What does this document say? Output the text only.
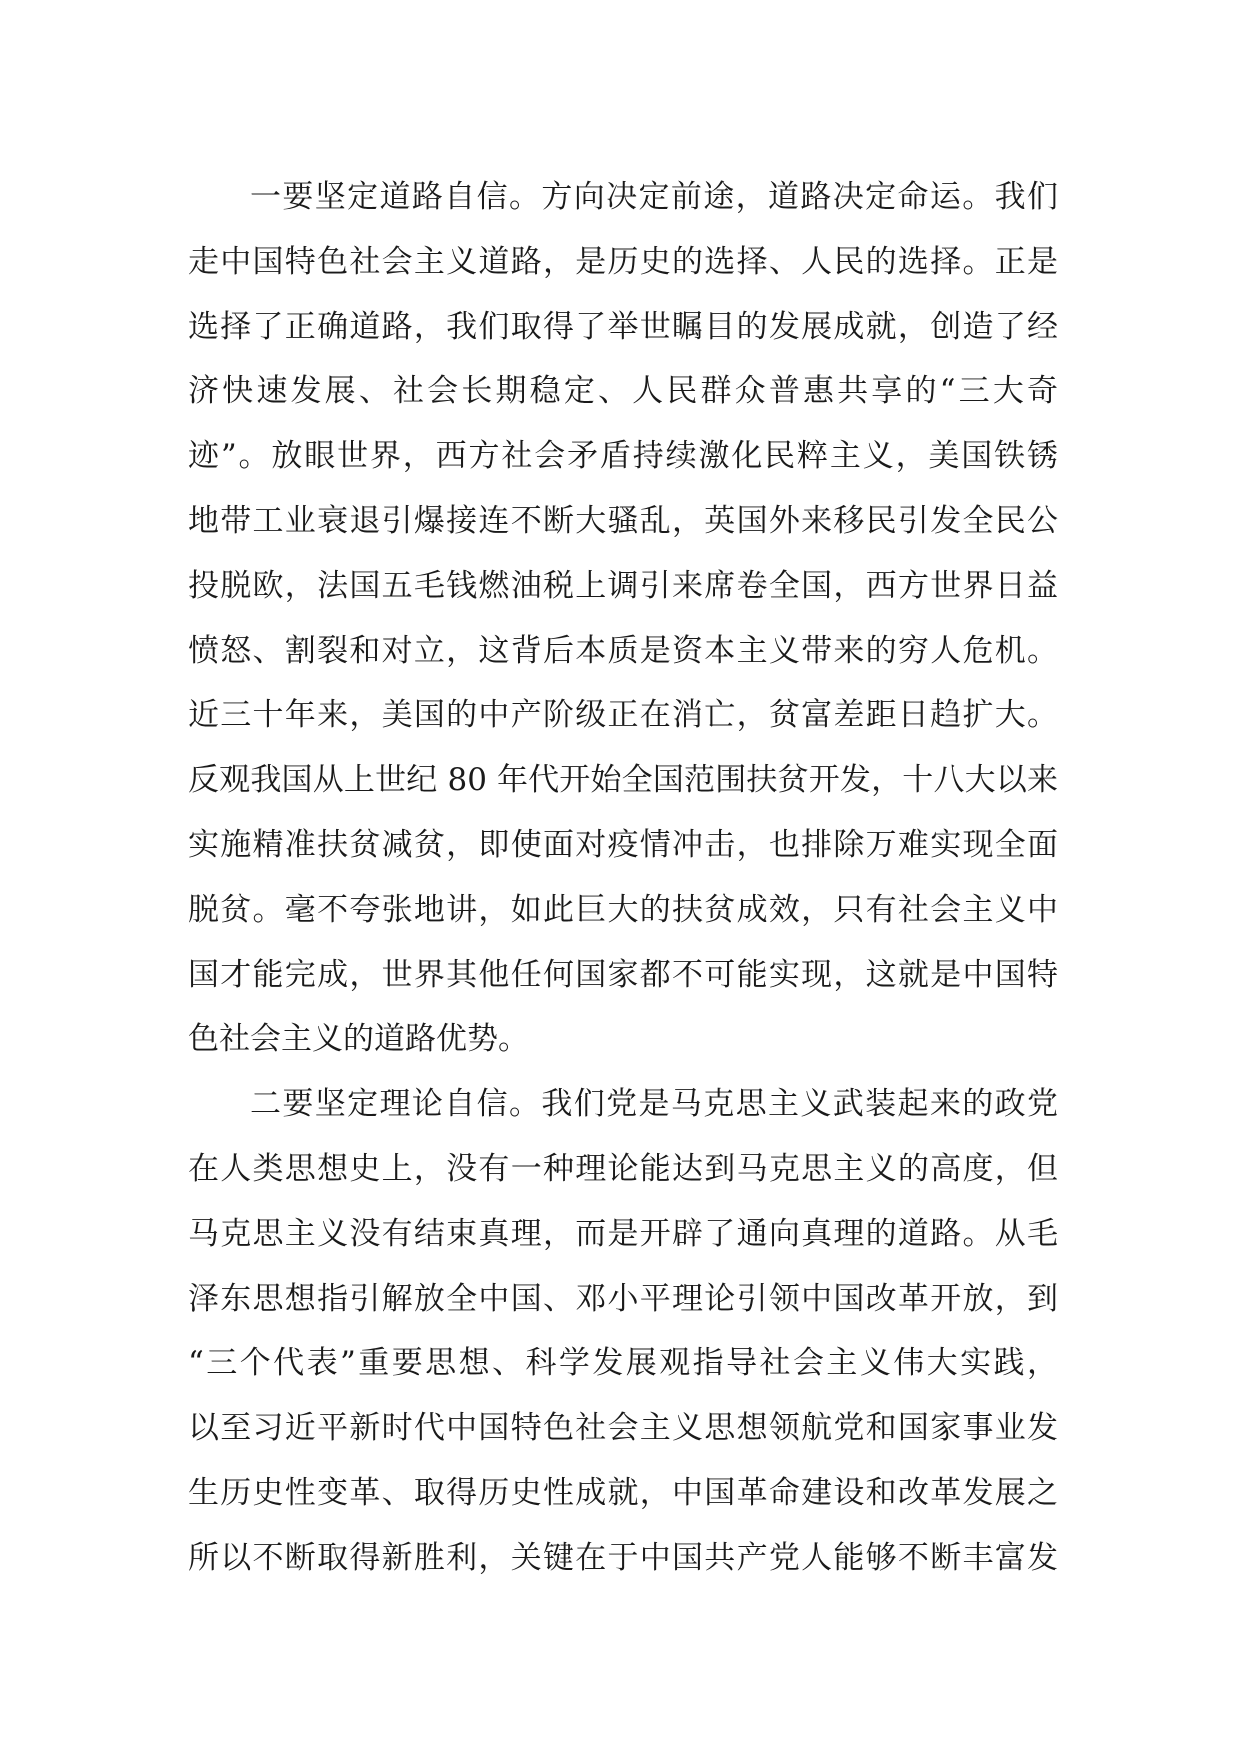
一要坚定道路自信。方向决定前途，道路决定命运。我们
走中国特色社会主义道路，是历史的选择、人民的选择。正是
选择了正确道路，我们取得了举世瞩目的发展成就，创造了经
济快速发展、社会长期稳定、人民群众普惠共享的“三大奇
迹”。放眼世界，西方社会矛盾持续激化民粹主义，美国铁锈
地带工业衰退引爆接连不断大骚乱，英国外来移民引发全民公
投脱欧，法国五毛钱燃油税上调引来席卷全国，西方世界日益
愤怒、割裂和对立，这背后本质是资本主义带来的穷人危机。
近三十年来，美国的中产阶级正在消亡，贫富差距日趋扩大。
反观我国从上世纪 80 年代开始全国范围扶贫开发，十八大以来
实施精准扶贫减贫，即使面对疫情冲击，也排除万难实现全面
脱贫。毫不夸张地讲，如此巨大的扶贫成效，只有社会主义中
国才能完成，世界其他任何国家都不可能实现，这就是中国特
色社会主义的道路优势。
二要坚定理论自信。我们党是马克思主义武装起来的政党
在人类思想史上，没有一种理论能达到马克思主义的高度，但
马克思主义没有结束真理，而是开辟了通向真理的道路。从毛
泽东思想指引解放全中国、邓小平理论引领中国改革开放，到
“三个代表”重要思想、科学发展观指导社会主义伟大实践，
以至习近平新时代中国特色社会主义思想领航党和国家事业发
生历史性变革、取得历史性成就，中国革命建设和改革发展之
所以不断取得新胜利，关键在于中国共产党人能够不断丰富发
